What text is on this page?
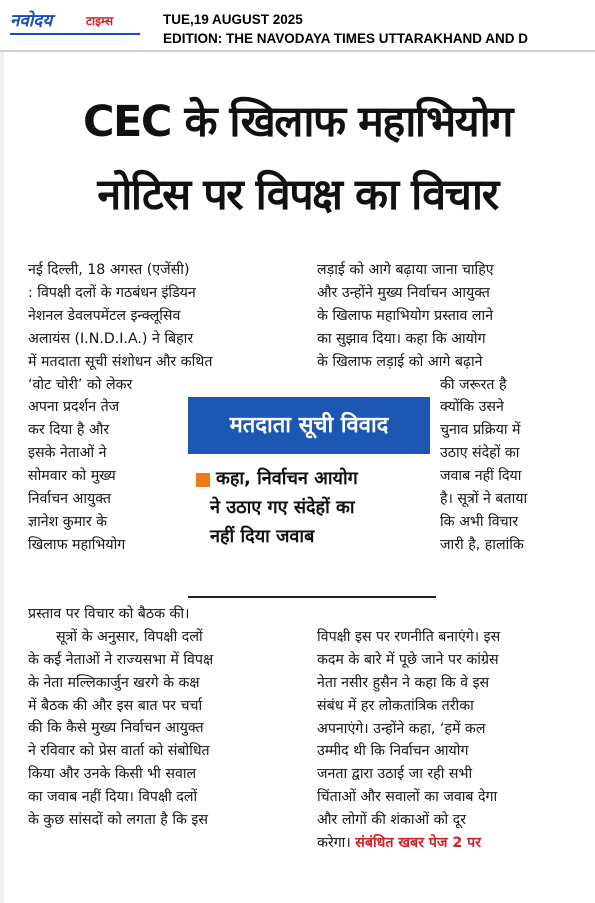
नवोदय	टाइम्स	TUE,19 AUGUST 2025
EDITION: THE NAVODAYA TIMES UTTARAKHAND AND D
CEC के खिलाफ महाभियोग
नोटिस पर विपक्ष का विचार
नई दिल्ली, 18 अगस्त (एजेंसी)
: विपक्षी दलों के गठबंधन इंडियन
नेशनल डेवलपमेंटल इन्क्लूसिव
अलायंस (I.N.D.I.A.) ने बिहार
में मतदाता सूची संशोधन और कथित
‘वोट चोरी’ को लेकर
अपना प्रदर्शन तेज
कर दिया है और
इसके नेताओं ने
सोमवार को मुख्य
निर्वाचन आयुक्त
ज्ञानेश कुमार के
खिलाफ महाभियोग
प्रस्ताव पर विचार को बैठक की।
सूत्रों के अनुसार, विपक्षी दलों
के कई नेताओं ने राज्यसभा में विपक्ष
के नेता मल्लिकार्जुन खरगे के कक्ष
में बैठक की और इस बात पर चर्चा
की कि कैसे मुख्य निर्वाचन आयुक्त
ने रविवार को प्रेस वार्ता को संबोधित
किया और उनके किसी भी सवाल
का जवाब नहीं दिया। विपक्षी दलों
के कुछ सांसदों को लगता है कि इस
लड़ाई को आगे बढ़ाया जाना चाहिए
और उन्होंने मुख्य निर्वाचन आयुक्त
के खिलाफ महाभियोग प्रस्ताव लाने
का सुझाव दिया। कहा कि आयोग
के खिलाफ लड़ाई को आगे बढ़ाने
की जरूरत है
क्योंकि उसने
चुनाव प्रक्रिया में
उठाए संदेहों का
जवाब नहीं दिया
है। सूत्रों ने बताया
कि अभी विचार
जारी है, हालांकि
विपक्षी इस पर रणनीति बनाएंगे। इस
कदम के बारे में पूछे जाने पर कांग्रेस
नेता नसीर हुसैन ने कहा कि वे इस
संबंध में हर लोकतांत्रिक तरीका
अपनाएंगे। उन्होंने कहा, ‘हमें कल
उम्मीद थी कि निर्वाचन आयोग
जनता द्वारा उठाई जा रही सभी
चिंताओं और सवालों का जवाब देगा
और लोगों की शंकाओं को दूर
करेगा। संबंधित खबर पेज 2 पर
मतदाता सूची विवाद
कहा, निर्वाचन आयोग
ने उठाए गए संदेहों का
नहीं दिया जवाब
